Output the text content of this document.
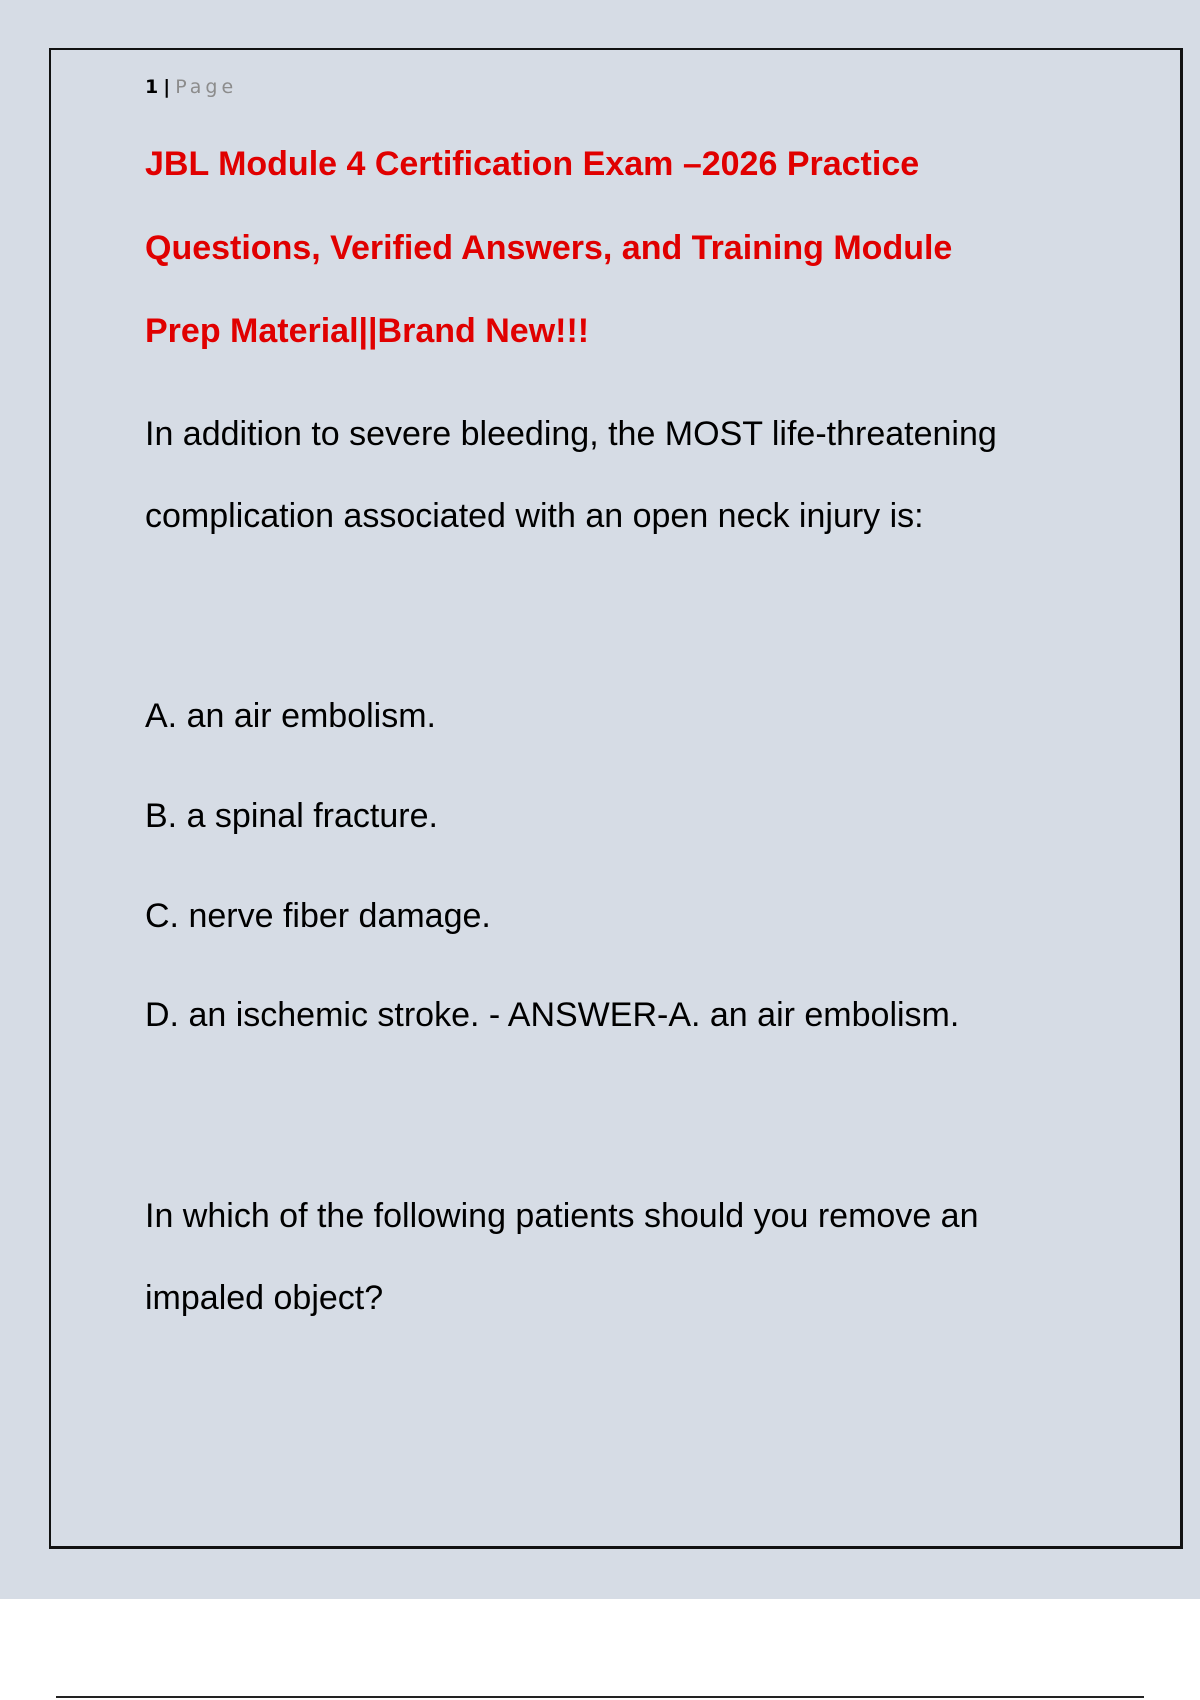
1 | Page
JBL Module 4 Certification Exam –2026 Practice
Questions, Verified Answers, and Training Module
Prep Material||Brand New!!!
In addition to severe bleeding, the MOST life-threatening
complication associated with an open neck injury is:
A. an air embolism.
B. a spinal fracture.
C. nerve fiber damage.
D. an ischemic stroke. - ANSWER-A. an air embolism.
In which of the following patients should you remove an
impaled object?
